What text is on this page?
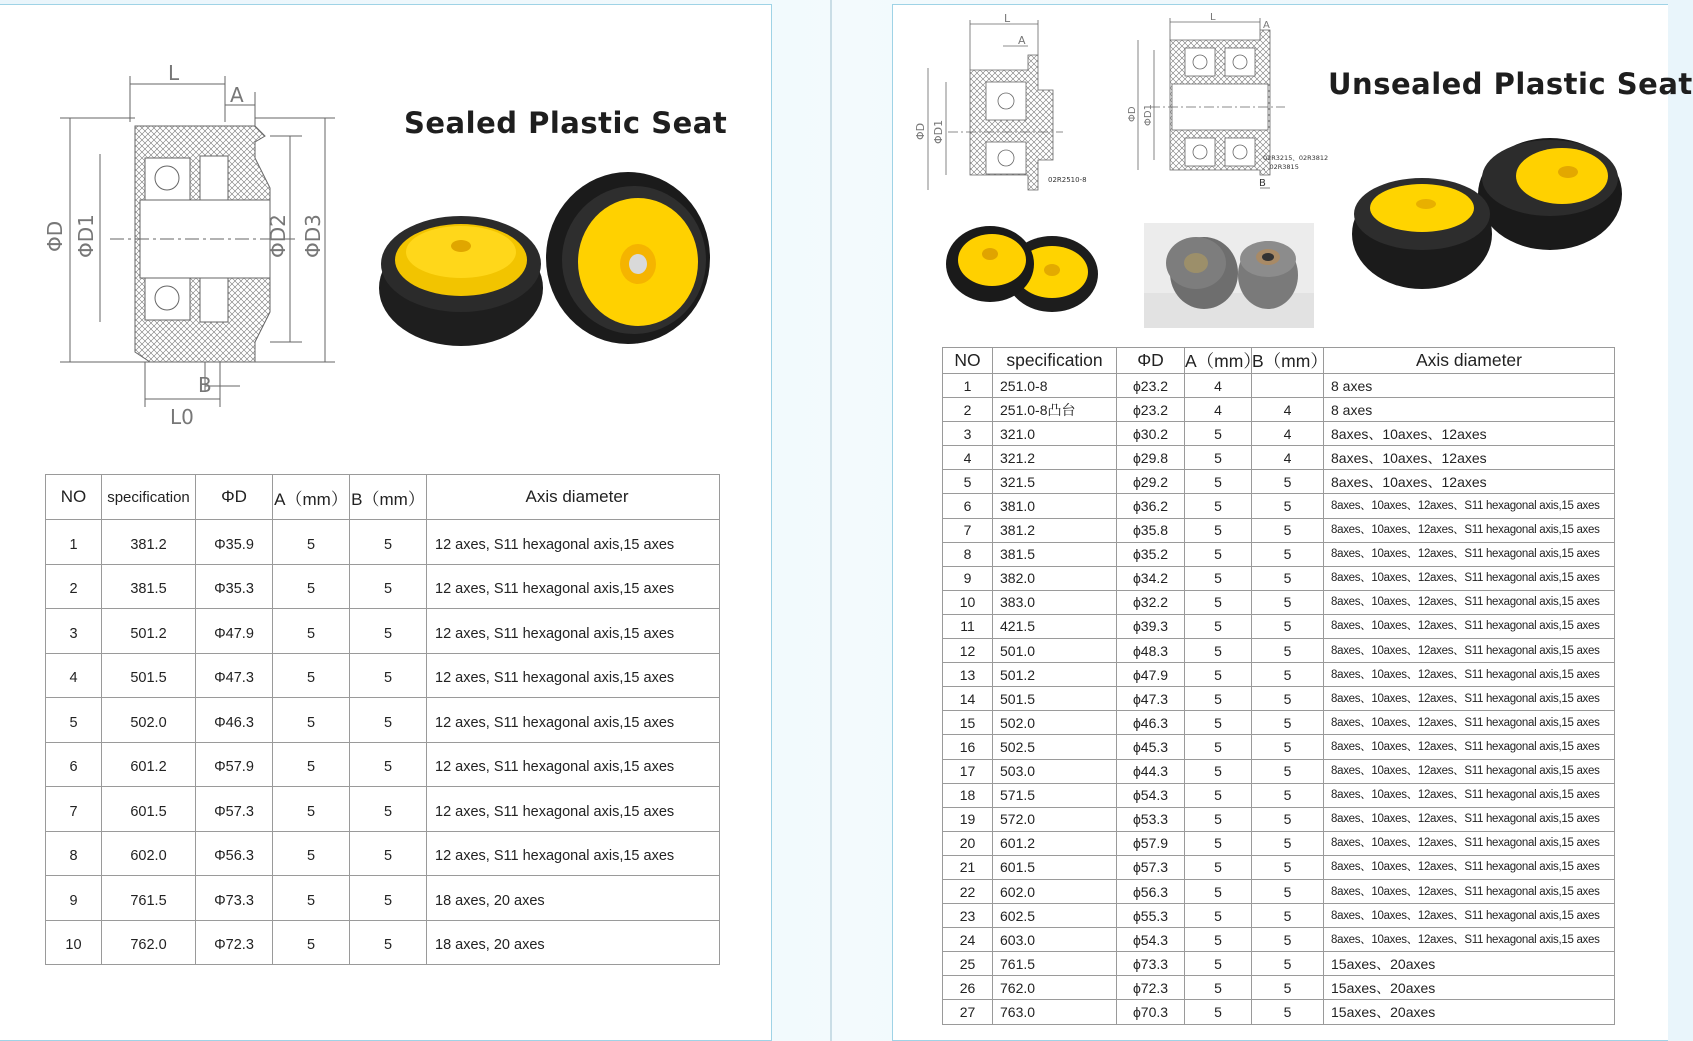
L
A
B
L0
ΦD ΦD1	ΦD2 ΦD3
Sealed Plastic Seat
NO	specification	ΦD	A（mm）	B（mm）	Axis diameter
1	381.2	Φ35.9	5	5	12 axes, S11 hexagonal axis,15 axes
2	381.5	Φ35.3	5	5	12 axes, S11 hexagonal axis,15 axes
3	501.2	Φ47.9	5	5	12 axes, S11 hexagonal axis,15 axes
4	501.5	Φ47.3	5	5	12 axes, S11 hexagonal axis,15 axes
5	502.0	Φ46.3	5	5	12 axes, S11 hexagonal axis,15 axes
6	601.2	Φ57.9	5	5	12 axes, S11 hexagonal axis,15 axes
7	601.5	Φ57.3	5	5	12 axes, S11 hexagonal axis,15 axes
8	602.0	Φ56.3	5	5	12 axes, S11 hexagonal axis,15 axes
9	761.5	Φ73.3	5	5	18 axes, 20 axes
10	762.0	Φ72.3	5	5	18 axes, 20 axes
L
A
ΦD ΦD1
02R2510-8
L
A
B
ΦD ΦD1
02R3215、02R3812
、02R3815
Unsealed Plastic Seat
NO	specification	ΦD	A（mm）	B（mm）	Axis diameter
1	251.0-8	ϕ23.2	4		8 axes
2	251.0-8凸台	ϕ23.2	4	4	8 axes
3	321.0	ϕ30.2	5	4	8axes、10axes、12axes
4	321.2	ϕ29.8	5	4	8axes、10axes、12axes
5	321.5	ϕ29.2	5	5	8axes、10axes、12axes
6	381.0	ϕ36.2	5	5	8axes、10axes、12axes、S11 hexagonal axis,15 axes
7	381.2	ϕ35.8	5	5	8axes、10axes、12axes、S11 hexagonal axis,15 axes
8	381.5	ϕ35.2	5	5	8axes、10axes、12axes、S11 hexagonal axis,15 axes
9	382.0	ϕ34.2	5	5	8axes、10axes、12axes、S11 hexagonal axis,15 axes
10	383.0	ϕ32.2	5	5	8axes、10axes、12axes、S11 hexagonal axis,15 axes
11	421.5	ϕ39.3	5	5	8axes、10axes、12axes、S11 hexagonal axis,15 axes
12	501.0	ϕ48.3	5	5	8axes、10axes、12axes、S11 hexagonal axis,15 axes
13	501.2	ϕ47.9	5	5	8axes、10axes、12axes、S11 hexagonal axis,15 axes
14	501.5	ϕ47.3	5	5	8axes、10axes、12axes、S11 hexagonal axis,15 axes
15	502.0	ϕ46.3	5	5	8axes、10axes、12axes、S11 hexagonal axis,15 axes
16	502.5	ϕ45.3	5	5	8axes、10axes、12axes、S11 hexagonal axis,15 axes
17	503.0	ϕ44.3	5	5	8axes、10axes、12axes、S11 hexagonal axis,15 axes
18	571.5	ϕ54.3	5	5	8axes、10axes、12axes、S11 hexagonal axis,15 axes
19	572.0	ϕ53.3	5	5	8axes、10axes、12axes、S11 hexagonal axis,15 axes
20	601.2	ϕ57.9	5	5	8axes、10axes、12axes、S11 hexagonal axis,15 axes
21	601.5	ϕ57.3	5	5	8axes、10axes、12axes、S11 hexagonal axis,15 axes
22	602.0	ϕ56.3	5	5	8axes、10axes、12axes、S11 hexagonal axis,15 axes
23	602.5	ϕ55.3	5	5	8axes、10axes、12axes、S11 hexagonal axis,15 axes
24	603.0	ϕ54.3	5	5	8axes、10axes、12axes、S11 hexagonal axis,15 axes
25	761.5	ϕ73.3	5	5	15axes、20axes
26	762.0	ϕ72.3	5	5	15axes、20axes
27	763.0	ϕ70.3	5	5	15axes、20axes
